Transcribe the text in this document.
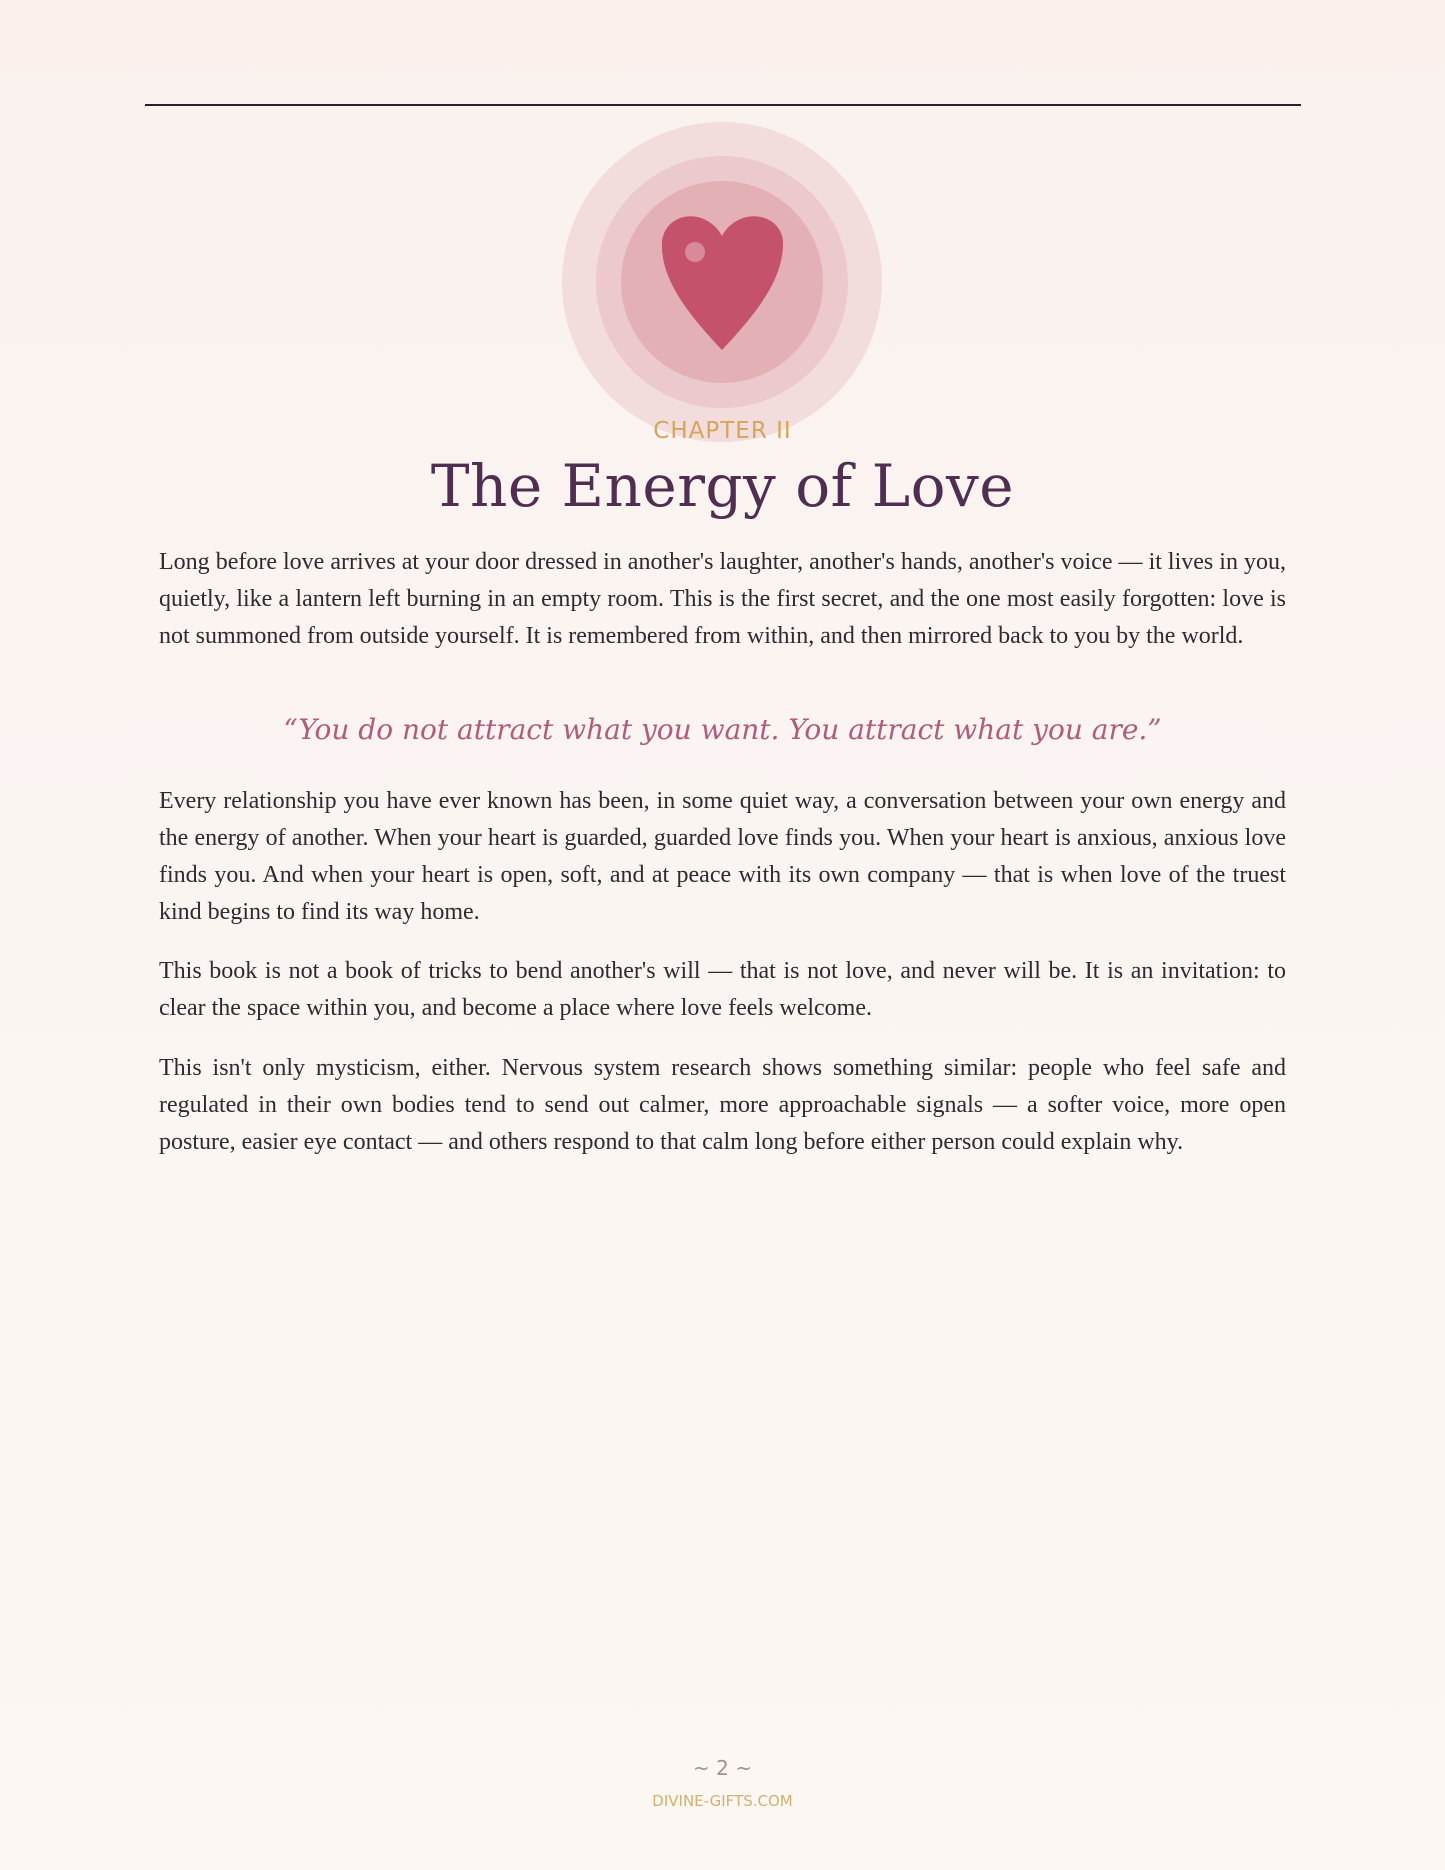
CHAPTER II
The Energy of Love

Long before love arrives at your door dressed in another's laughter, another's hands, another's voice — it lives in you, quietly, like a lantern left burning in an empty room. This is the first secret, and the one most easily forgotten: love is not summoned from outside yourself. It is remembered from within, and then mirrored back to you by the world.

“You do not attract what you want. You attract what you are.”

Every relationship you have ever known has been, in some quiet way, a conversation between your own energy and the energy of another. When your heart is guarded, guarded love finds you. When your heart is anxious, anxious love finds you. And when your heart is open, soft, and at peace with its own company — that is when love of the truest kind begins to find its way home.

This book is not a book of tricks to bend another's will — that is not love, and never will be. It is an invitation: to clear the space within you, and become a place where love feels welcome.

This isn't only mysticism, either. Nervous system research shows something similar: people who feel safe and regulated in their own bodies tend to send out calmer, more approachable signals — a softer voice, more open posture, easier eye contact — and others respond to that calm long before either person could explain why.

~ 2 ~
DIVINE-GIFTS.COM
